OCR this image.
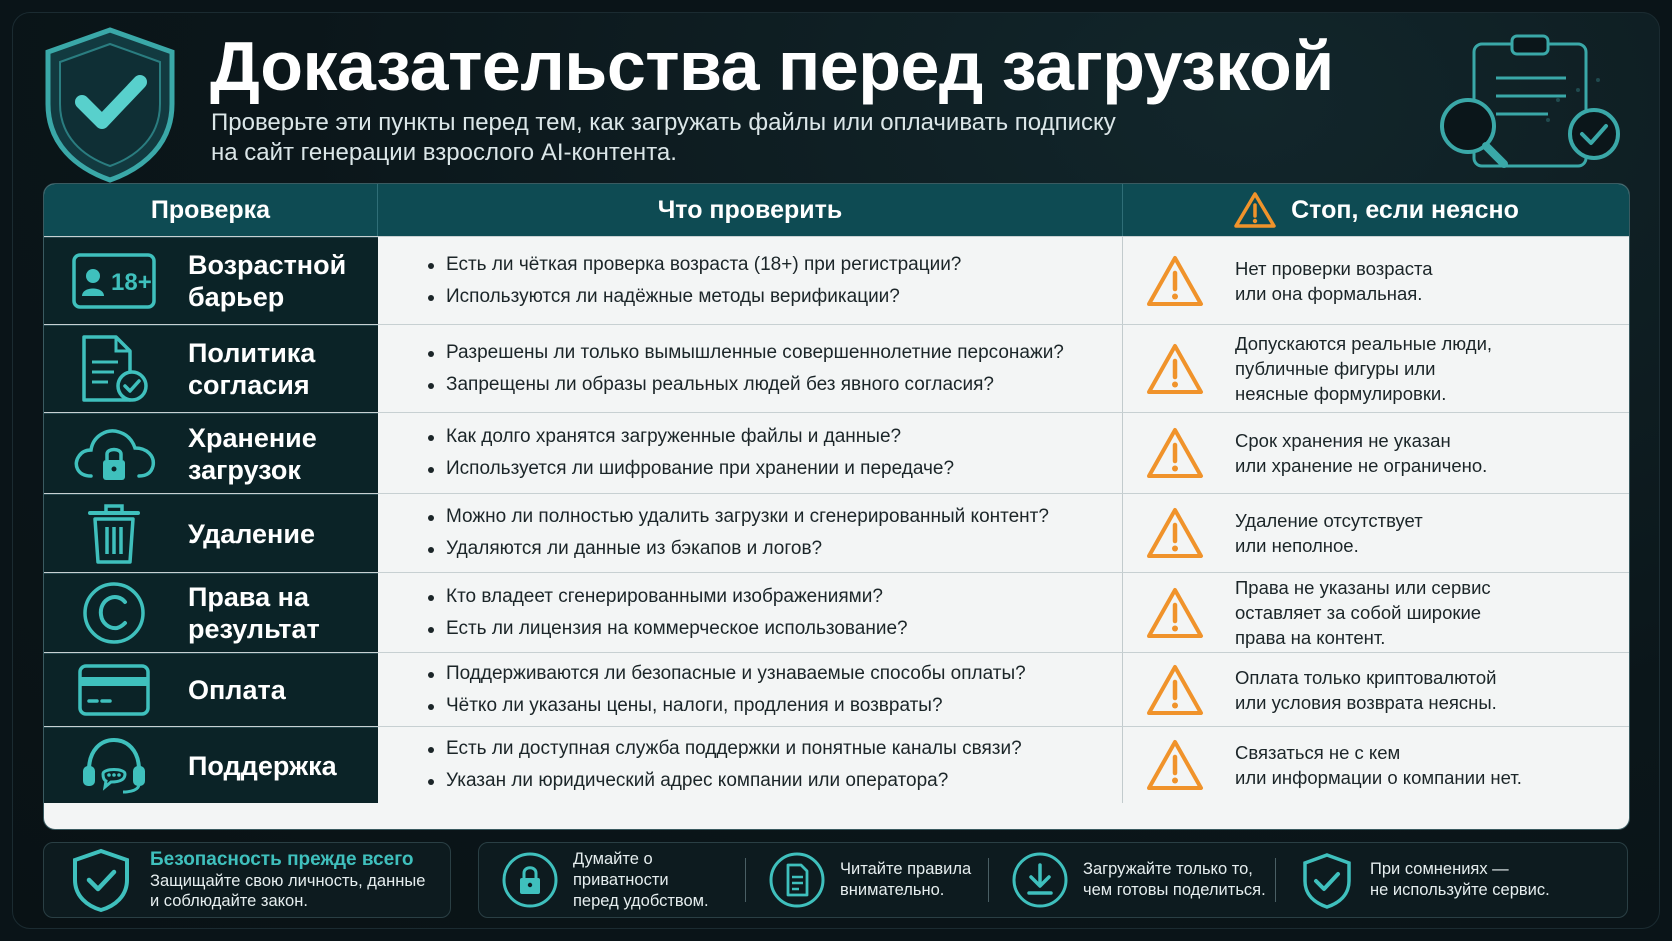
Доказательства перед загрузкой

Проверьте эти пункты перед тем, как загружать файлы или оплачивать подписку
на сайт генерации взрослого AI-контента.

Проверка	Что проверить	Стоп, если неясно
18+
Возрастной
барьер
Есть ли чёткая проверка возраста (18+) при регистрации?
Используются ли надёжные методы верификации?
Нет проверки возраста
или она формальная.
Политика
согласия
Разрешены ли только вымышленные совершеннолетние персонажи?
Запрещены ли образы реальных людей без явного согласия?
Допускаются реальные люди,
публичные фигуры или
неясные формулировки.
Хранение
загрузок
Как долго хранятся загруженные файлы и данные?
Используется ли шифрование при хранении и передаче?
Срок хранения не указан
или хранение не ограничено.
Удаление
Можно ли полностью удалить загрузки и сгенерированный контент?
Удаляются ли данные из бэкапов и логов?
Удаление отсутствует
или неполное.
Права на
результат
Кто владеет сгенерированными изображениями?
Есть ли лицензия на коммерческое использование?
Права не указаны или сервис
оставляет за собой широкие
права на контент.
Оплата
Поддерживаются ли безопасные и узнаваемые способы оплаты?
Чётко ли указаны цены, налоги, продления и возвраты?
Оплата только криптовалютой
или условия возврата неясны.
Поддержка
Есть ли доступная служба поддержки и понятные каналы связи?
Указан ли юридический адрес компании или оператора?
Связаться не с кем
или информации о компании нет.
Безопасность прежде всего
Защищайте свою личность, данные
и соблюдайте закон.
Думайте о приватности
перед удобством.
Читайте правила
внимательно.
Загружайте только то,
чем готовы поделиться.
При сомнениях —
не используйте сервис.
